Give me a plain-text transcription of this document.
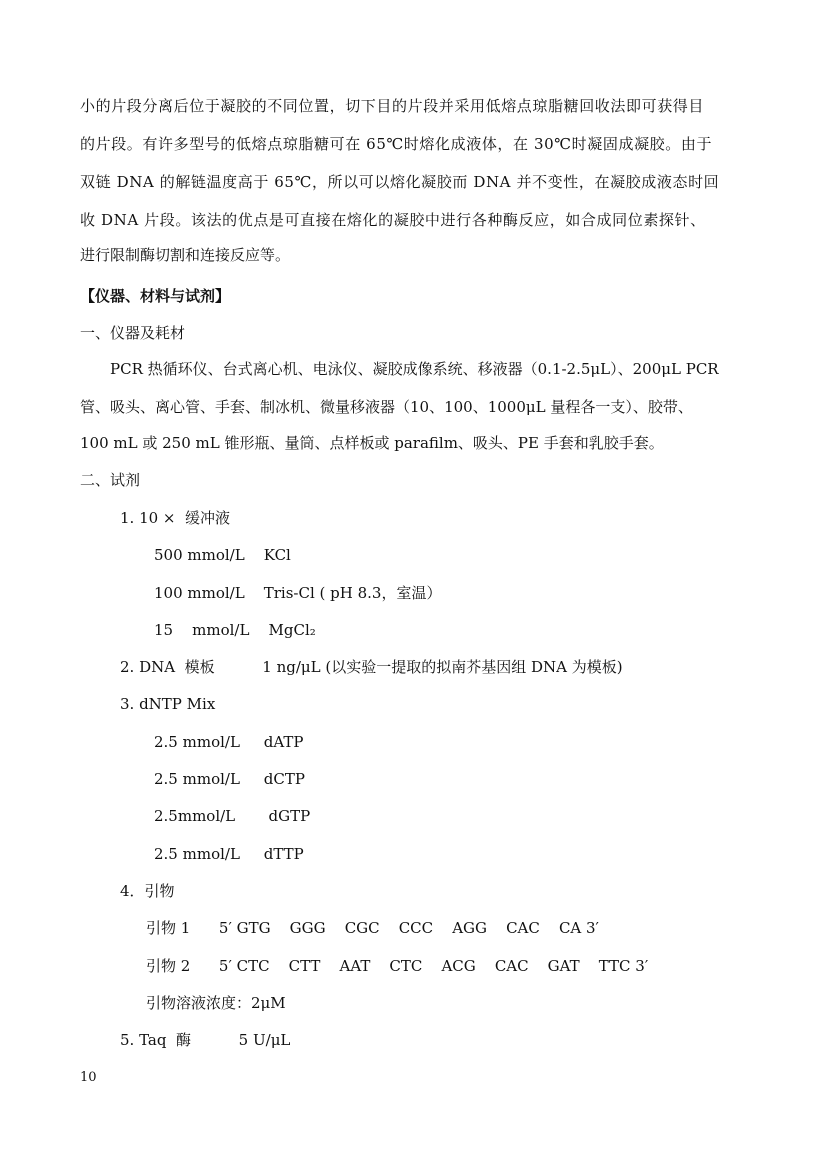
小的片段分离后位于凝胶的不同位置，切下目的片段并采用低熔点琼脂糖回收法即可获得目
的片段。有许多型号的低熔点琼脂糖可在 65℃时熔化成液体，在 30℃时凝固成凝胶。由于
双链 DNA 的解链温度高于 65℃，所以可以熔化凝胶而 DNA 并不变性，在凝胶成液态时回
收 DNA 片段。该法的优点是可直接在熔化的凝胶中进行各种酶反应，如合成同位素探针、
进行限制酶切割和连接反应等。
【仪器、材料与试剂】
一、仪器及耗材
PCR 热循环仪、台式离心机、电泳仪、凝胶成像系统、移液器（0.1-2.5μL）、200μL PCR
管、吸头、离心管、手套、制冰机、微量移液器（10、100、1000μL 量程各一支）、胶带、
100 mL 或 250 mL 锥形瓶、量筒、点样板或 parafilm、吸头、PE 手套和乳胶手套。
二、试剂
1. 10 ×  缓冲液
500 mmol/L    KCl
100 mmol/L    Tris-Cl ( pH 8.3，室温）
15    mmol/L    MgCl₂
2. DNA  模板          1 ng/μL (以实验一提取的拟南芥基因组 DNA 为模板)
3. dNTP Mix
2.5 mmol/L     dATP
2.5 mmol/L     dCTP
2.5mmol/L       dGTP
2.5 mmol/L     dTTP
4．引物
引物 1      5′ GTG    GGG    CGC    CCC    AGG    CAC    CA 3′
引物 2      5′ CTC    CTT    AAT    CTC    ACG    CAC    GAT    TTC 3′
引物溶液浓度：2μM
5. Taq  酶          5 U/μL
10
